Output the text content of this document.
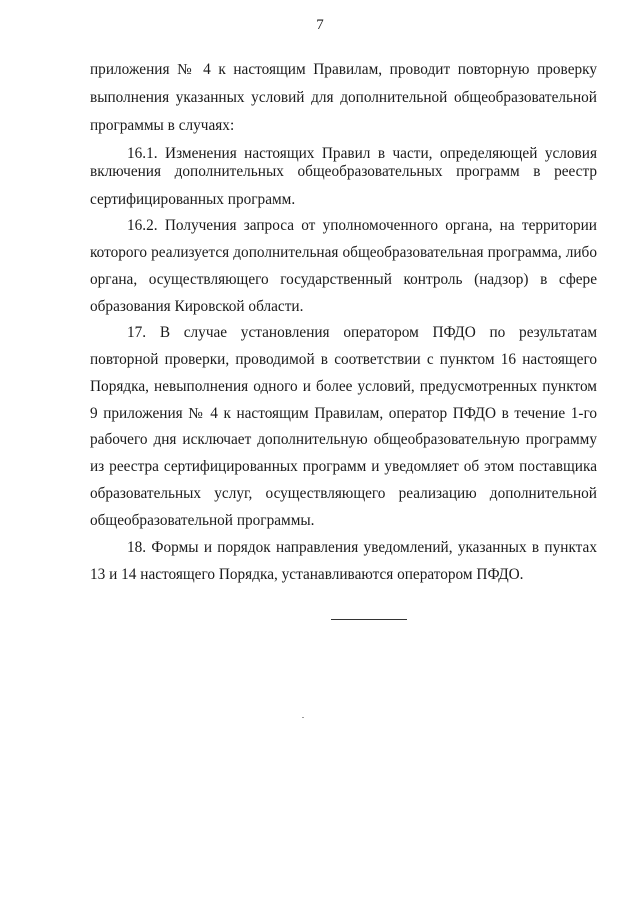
7
приложения № 4 к настоящим Правилам, проводит повторную проверку
выполнения указанных условий для дополнительной общеобразовательной
программы в случаях:
16.1. Изменения настоящих Правил в части, определяющей условия
включения дополнительных общеобразовательных программ в реестр
сертифицированных программ.
16.2. Получения запроса от уполномоченного органа, на территории
которого реализуется дополнительная общеобразовательная программа, либо
органа, осуществляющего государственный контроль (надзор) в сфере
образования Кировской области.
17. В случае установления оператором ПФДО по результатам
повторной проверки, проводимой в соответствии с пунктом 16 настоящего
Порядка, невыполнения одного и более условий, предусмотренных пунктом
9 приложения № 4 к настоящим Правилам, оператор ПФДО в течение 1-го
рабочего дня исключает дополнительную общеобразовательную программу
из реестра сертифицированных программ и уведомляет об этом поставщика
образовательных услуг, осуществляющего реализацию дополнительной
общеобразовательной программы.
18. Формы и порядок направления уведомлений, указанных в пунктах
13 и 14 настоящего Порядка, устанавливаются оператором ПФДО.
